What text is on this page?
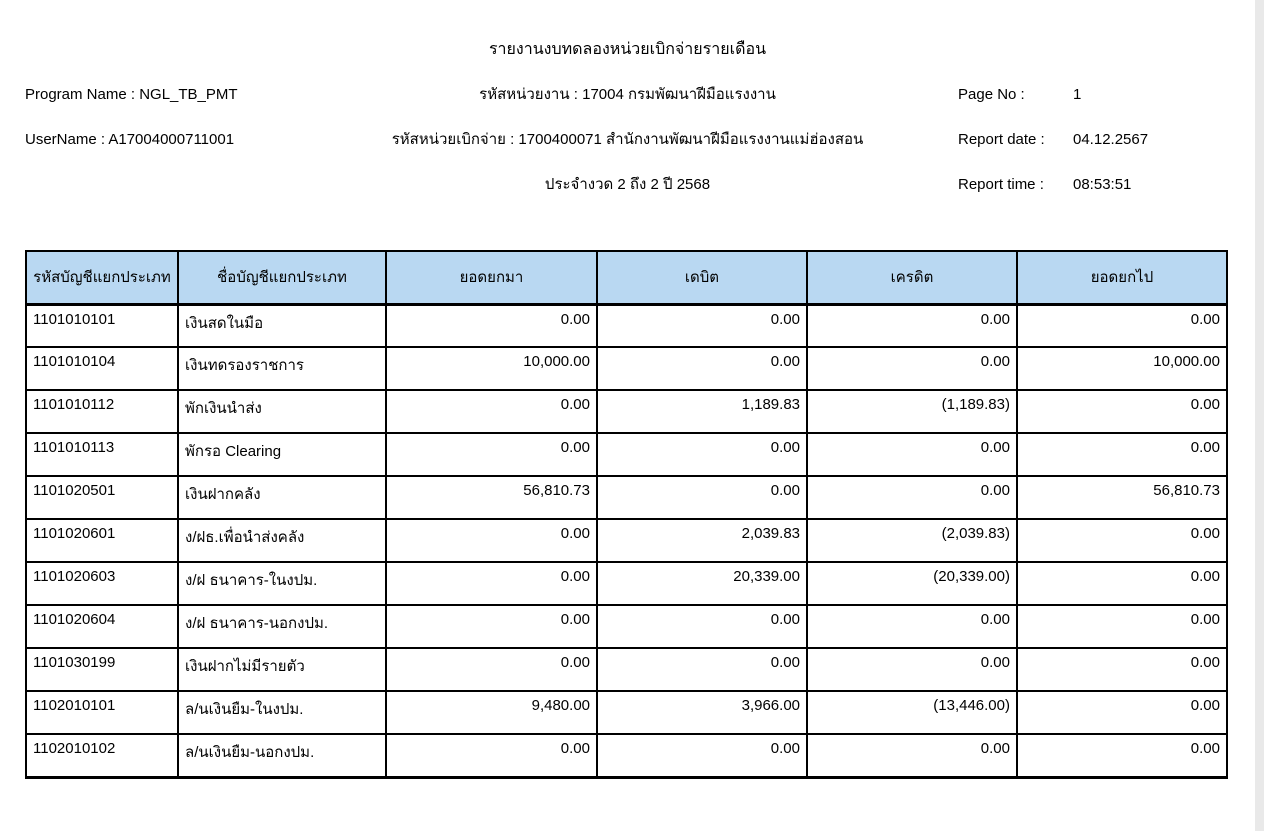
รายงานงบทดลองหน่วยเบิกจ่ายรายเดือน
Program Name : NGL_TB_PMT
UserName : A17004000711001
รหัสหน่วยงาน : 17004 กรมพัฒนาฝีมือแรงงาน
รหัสหน่วยเบิกจ่าย : 1700400071 สำนักงานพัฒนาฝีมือแรงงานแม่ฮ่องสอน
ประจำงวด 2 ถึง 2 ปี 2568
Page No :	1
Report date : 04.12.2567
Report time : 08:53:51
รหัสบัญชีแยกประเภท	ชื่อบัญชีแยกประเภท	ยอดยกมา	เดบิต	เครดิต	ยอดยกไป
1101010101	เงินสดในมือ	0.00	0.00	0.00	0.00
1101010104	เงินทดรองราชการ	10,000.00	0.00	0.00	10,000.00
1101010112	พักเงินนำส่ง	0.00	1,189.83	(1,189.83)	0.00
1101010113	พักรอ Clearing	0.00	0.00	0.00	0.00
1101020501	เงินฝากคลัง	56,810.73	0.00	0.00	56,810.73
1101020601	ง/ฝธ.เพื่อนำส่งคลัง	0.00	2,039.83	(2,039.83)	0.00
1101020603	ง/ฝ ธนาคาร-ในงปม.	0.00	20,339.00	(20,339.00)	0.00
1101020604	ง/ฝ ธนาคาร-นอกงปม.	0.00	0.00	0.00	0.00
1101030199	เงินฝากไม่มีรายตัว	0.00	0.00	0.00	0.00
1102010101	ล/นเงินยืม-ในงปม.	9,480.00	3,966.00	(13,446.00)	0.00
1102010102	ล/นเงินยืม-นอกงปม.	0.00	0.00	0.00	0.00
